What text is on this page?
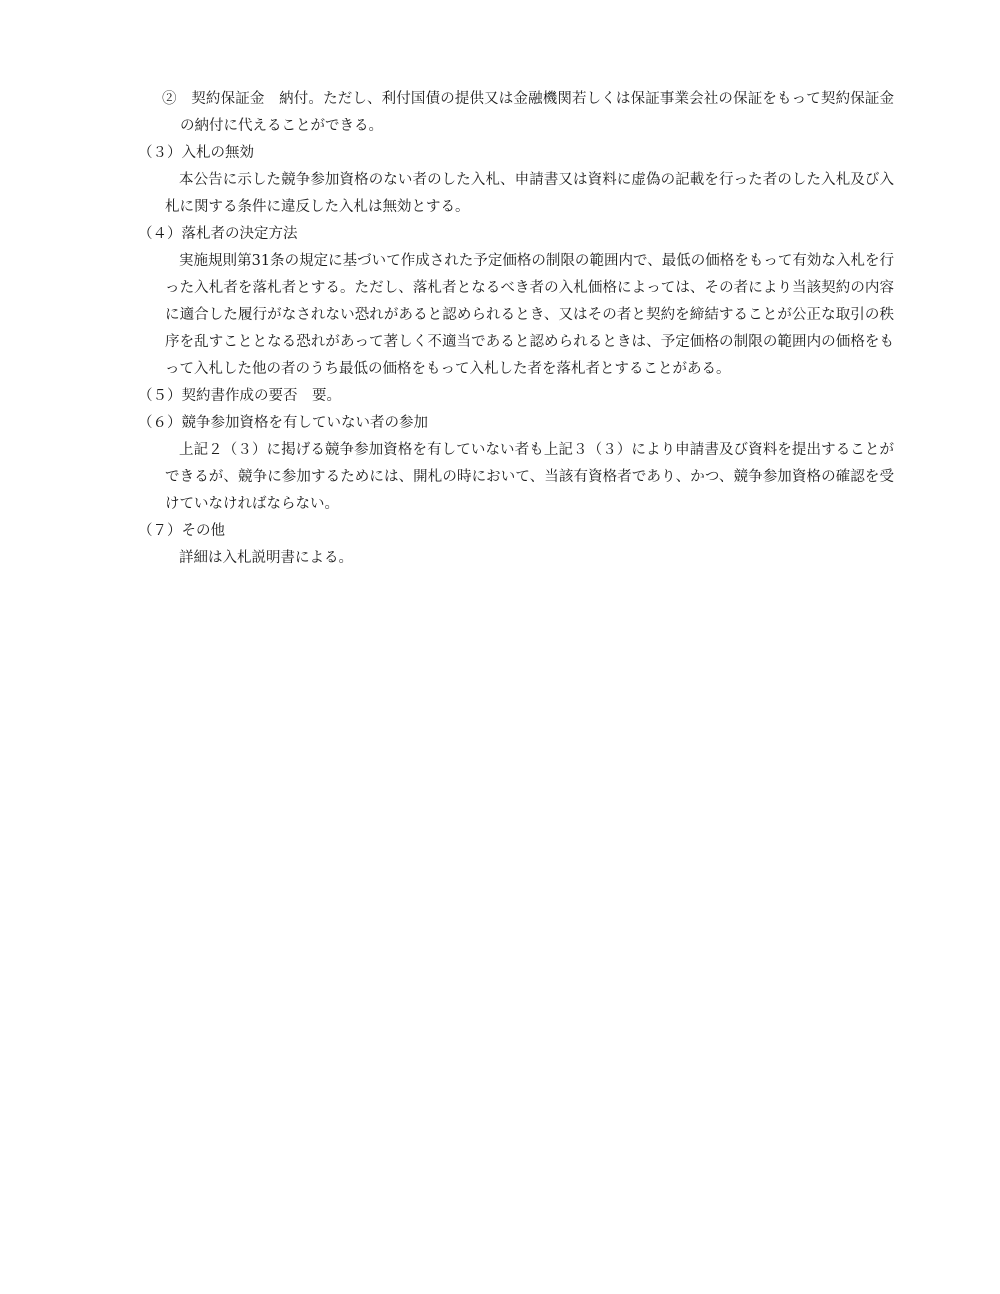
②　契約保証金　納付。ただし、利付国債の提供又は金融機関若しくは保証事業会社の保証をもって契約保証金の納付に代えることができる。

（３）入札の無効

本公告に示した競争参加資格のない者のした入札、申請書又は資料に虚偽の記載を行った者のした入札及び入札に関する条件に違反した入札は無効とする。

（４）落札者の決定方法

実施規則第31条の規定に基づいて作成された予定価格の制限の範囲内で、最低の価格をもって有効な入札を行った入札者を落札者とする。ただし、落札者となるべき者の入札価格によっては、その者により当該契約の内容に適合した履行がなされない恐れがあると認められるとき、又はその者と契約を締結することが公正な取引の秩序を乱すこととなる恐れがあって著しく不適当であると認められるときは、予定価格の制限の範囲内の価格をもって入札した他の者のうち最低の価格をもって入札した者を落札者とすることがある。

（５）契約書作成の要否　要。

（６）競争参加資格を有していない者の参加

上記２（３）に掲げる競争参加資格を有していない者も上記３（３）により申請書及び資料を提出することができるが、競争に参加するためには、開札の時において、当該有資格者であり、かつ、競争参加資格の確認を受けていなければならない。

（７）その他

詳細は入札説明書による。
